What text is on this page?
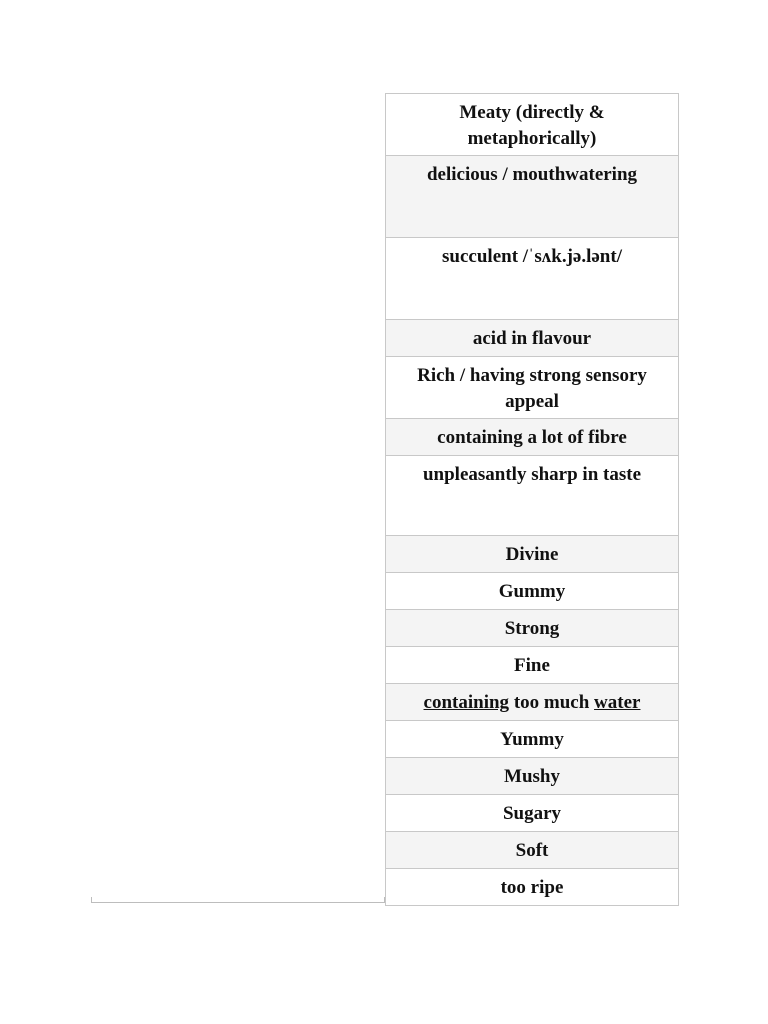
Meaty (directly & metaphorically)
delicious / mouthwatering
succulent /ˈsʌk.jə.lənt/
acid in flavour
Rich / having strong sensory appeal
containing a lot of fibre
unpleasantly sharp in taste
Divine
Gummy
Strong
Fine
containing too much water
Yummy
Mushy
Sugary
Soft
too ripe
